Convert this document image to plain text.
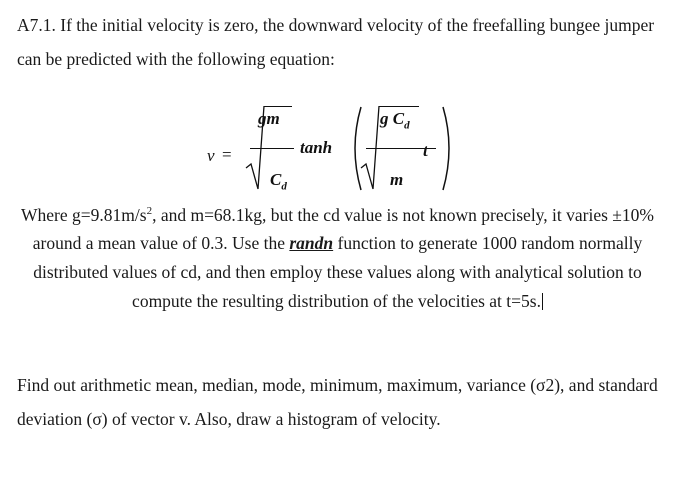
A7.1. If the initial velocity is zero, the downward velocity of the freefalling bungee jumper can be predicted with the following equation:

v =
gm
$C_d$
tanh
g $C_d$
m
t

Where $g=9.81m/s^2$, and m=68.1kg, but the cd value is not known precisely, it varies ±10% around a mean value of 0.3. Use the randn function to generate 1000 random normally distributed values of cd, and then employ these values along with analytical solution to compute the resulting distribution of the velocities at t=5s.

Find out arithmetic mean, median, mode, minimum, maximum, variance (σ2), and standard deviation (σ) of vector v. Also, draw a histogram of velocity.
